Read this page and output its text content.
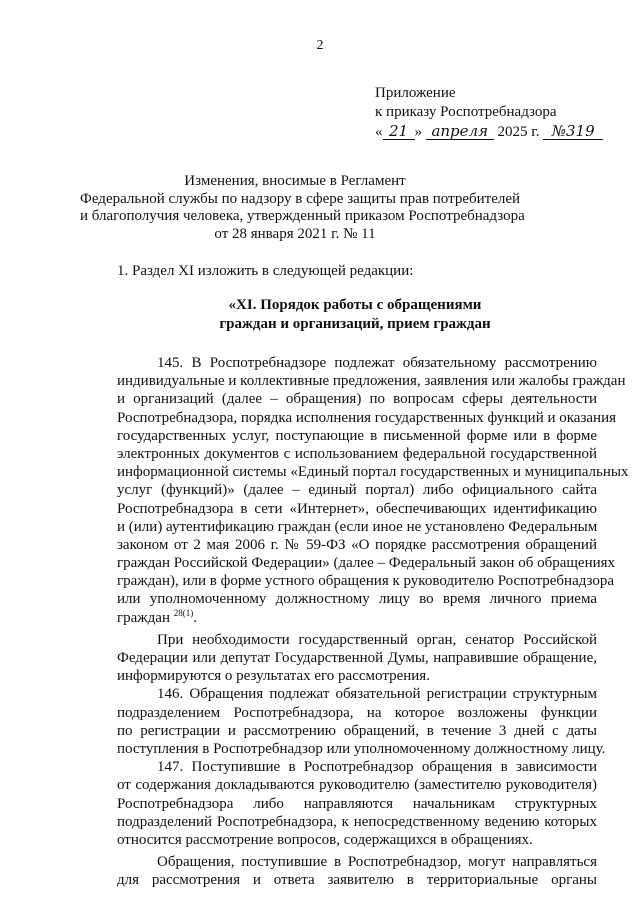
2
Приложение
к приказу Роспотребнадзора
« 21 » апреля 2025 г. №319
Изменения, вносимые в Регламент
Федеральной службы по надзору в сфере защиты прав потребителей
и благополучия человека, утвержденный приказом Роспотребнадзора
от 28 января 2021 г. № 11
1. Раздел XI изложить в следующей редакции:
«XI. Порядок работы с обращениями
граждан и организаций, прием граждан
145. В Роспотребнадзоре подлежат обязательному рассмотрению
индивидуальные и коллективные предложения, заявления или жалобы граждан
и организаций (далее – обращения) по вопросам сферы деятельности
Роспотребнадзора, порядка исполнения государственных функций и оказания
государственных услуг, поступающие в письменной форме или в форме
электронных документов с использованием федеральной государственной
информационной системы «Единый портал государственных и муниципальных
услуг (функций)» (далее – единый портал) либо официального сайта
Роспотребнадзора в сети «Интернет», обеспечивающих идентификацию
и (или) аутентификацию граждан (если иное не установлено Федеральным
законом от 2 мая 2006 г. № 59-ФЗ «О порядке рассмотрения обращений
граждан Российской Федерации» (далее – Федеральный закон об обращениях
граждан), или в форме устного обращения к руководителю Роспотребнадзора
или уполномоченному должностному лицу во время личного приема
граждан $^{28(1)}$.
При необходимости государственный орган, сенатор Российской
Федерации или депутат Государственной Думы, направившие обращение,
информируются о результатах его рассмотрения.
146. Обращения подлежат обязательной регистрации структурным
подразделением Роспотребнадзора, на которое возложены функции
по регистрации и рассмотрению обращений, в течение 3 дней с даты
поступления в Роспотребнадзор или уполномоченному должностному лицу.
147. Поступившие в Роспотребнадзор обращения в зависимости
от содержания докладываются руководителю (заместителю руководителя)
Роспотребнадзора либо направляются начальникам структурных
подразделений Роспотребнадзора, к непосредственному ведению которых
относится рассмотрение вопросов, содержащихся в обращениях.
Обращения, поступившие в Роспотребнадзор, могут направляться
для рассмотрения и ответа заявителю в территориальные органы
